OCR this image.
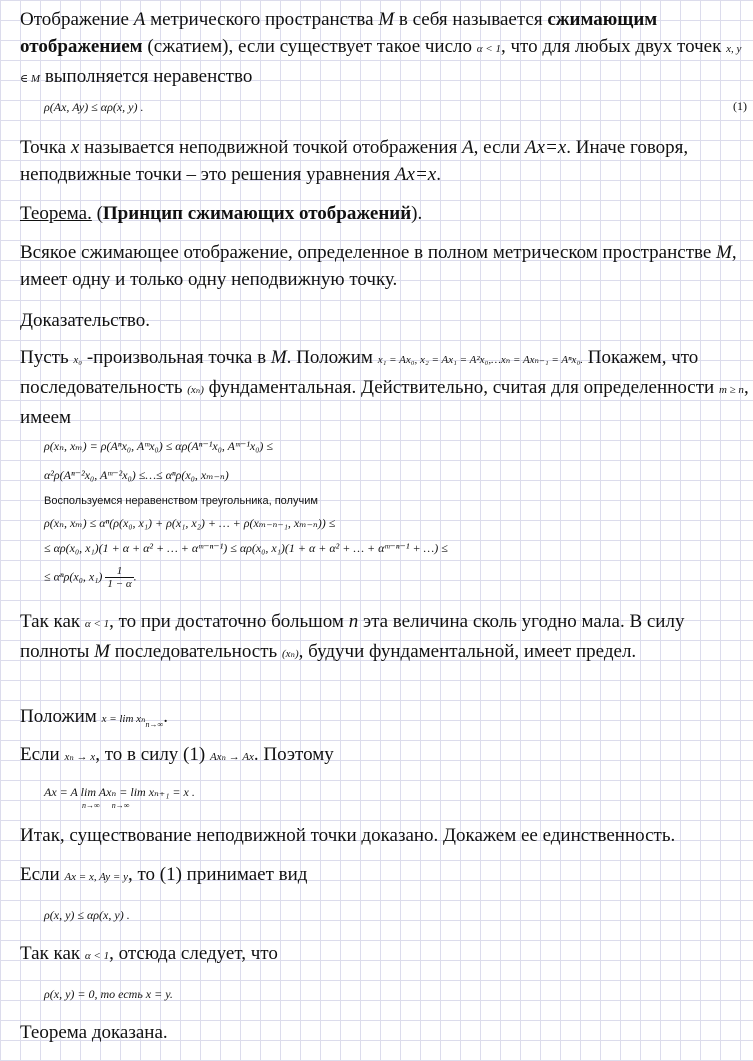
Отображение A метрического пространства M в себя называется сжимающим отображением (сжатием), если существует такое число α < 1, что для любых двух точек x, y ∈ M выполняется неравенство

ρ(Ax, Ay) ≤ αρ(x, y) .	(1)

Точка x называется неподвижной точкой отображения A, если Ax=x. Иначе говоря, неподвижные точки – это решения уравнения Ax=x.

Теорема. (Принцип сжимающих отображений).

Всякое сжимающее отображение, определенное в полном метрическом пространстве M, имеет одну и только одну неподвижную точку.

Доказательство.

Пусть x₀ -произвольная точка в M. Положим x₁ = Ax₀, x₂ = Ax₁ = A²x₀,…xₙ = Axₙ₋₁ = Aⁿx₀. Покажем, что последовательность (xₙ) фундаментальная. Действительно, считая для определенности m ≥ n, имеем

ρ(xₙ, xₘ) = ρ(Aⁿx₀, Aᵐx₀) ≤ αρ(Aⁿ⁻¹x₀, Aᵐ⁻¹x₀) ≤
α²ρ(Aⁿ⁻²x₀, Aᵐ⁻²x₀) ≤…≤ αⁿρ(x₀, xₘ₋ₙ)
Воспользуемся неравенством треугольника, получим
ρ(xₙ, xₘ) ≤ αⁿ(ρ(x₀, x₁) + ρ(x₁, x₂) + … + ρ(xₘ₋ₙ₋₁, xₘ₋ₙ)) ≤
≤ αρ(x₀, x₁)(1 + α + α² + … + αᵐ⁻ⁿ⁻¹) ≤ αρ(x₀, x₁)(1 + α + α² + … + αᵐ⁻ⁿ⁻¹ + …) ≤
≤ αⁿρ(x₀, $x_1) \frac{1}{1 - \alpha}$ .

Так как α < 1, то при достаточно большом n эта величина сколь угодно мала. В силу полноты M последовательность (xₙ), будучи фундаментальной, имеет предел.

Положим x = lim xₙ$_{n\to\infty}$.

Если xₙ → x, то в силу (1) Axₙ → Ax. Поэтому

Ax = A lim Axₙ = lim xₙ₊₁ = x .
n→∞      n→∞

Итак, существование неподвижной точки доказано. Докажем ее единственность.

Если Ax = x, Ay = y, то (1) принимает вид

ρ(x, y) ≤ αρ(x, y) .

Так как α < 1, отсюда следует, что

ρ(x, y) = 0, то есть x = y.

Теорема доказана.
